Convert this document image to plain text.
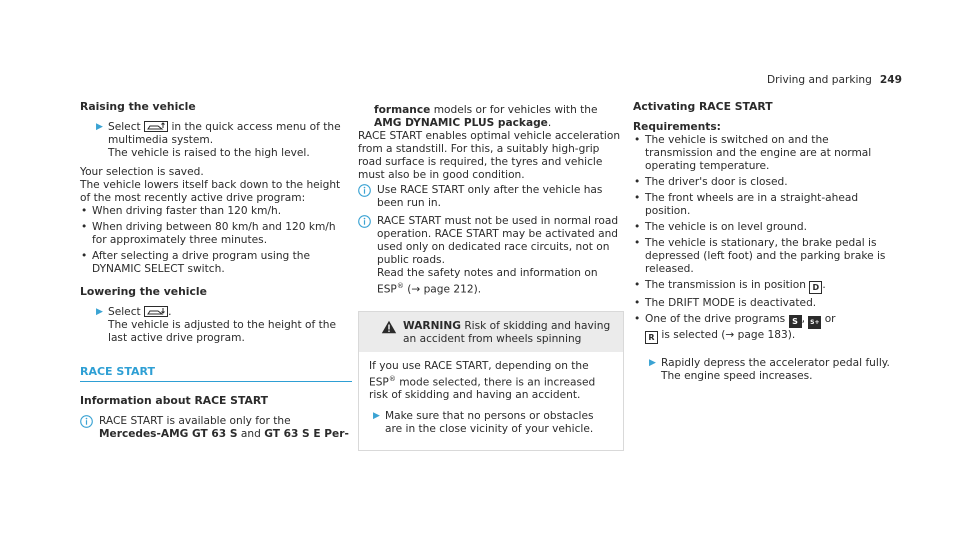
Driving and parking 249
Raising the vehicle
▶ Select	in the quick access menu of the multimedia system.

The vehicle is raised to the high level.

Your selection is saved.

The vehicle lowers itself back down to the height of the most recently active drive program:

• When driving faster than 120 km/h.
• When driving between 80 km/h and 120 km/h for approximately three minutes.
• After selecting a drive program using the DYNAMIC SELECT switch.
Lowering the vehicle
▶ Select	.

The vehicle is adjusted to the height of the last active drive program.

RACE START
Information about RACE START

RACE START is available only for the
Mercedes-AMG GT 63 S and GT 63 S E Per-

formance models or for vehicles with the
AMG DYNAMIC PLUS package.

RACE START enables optimal vehicle acceleration from a standstill. For this, a suitably high-grip road surface is required, the tyres and vehicle must also be in good condition.

Use RACE START only after the vehicle has been run in.

RACE START must not be used in normal road operation. RACE START may be activated and used only on dedicated race circuits, not on public roads.
Read the safety notes and information on ESP® (→ page 212).

WARNING Risk of skidding and having an accident from wheels spinning

If you use RACE START, depending on the ESP® mode selected, there is an increased risk of skidding and having an accident.

▶ Make sure that no persons or obstacles are in the close vicinity of your vehicle.

Activating RACE START
Requirements:
• The vehicle is switched on and the transmission and the engine are at normal operating temperature.
• The driver's door is closed.
• The front wheels are in a straight-ahead position.
• The vehicle is on level ground.
• The vehicle is stationary, the brake pedal is depressed (left foot) and the parking brake is released.
• The transmission is in position D .
• The DRIFT MODE is deactivated.
• One of the drive programs S , S+ or
R is selected (→ page 183).
▶ Rapidly depress the accelerator pedal fully.

The engine speed increases.
